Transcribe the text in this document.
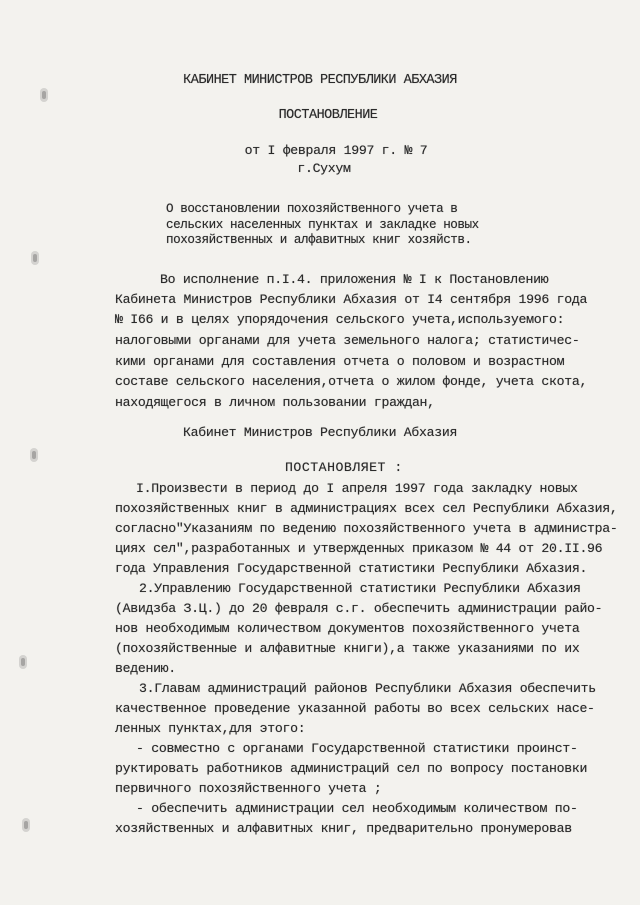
КАБИНЕТ МИНИСТРОВ РЕСПУБЛИКИ АБХАЗИЯ
ПОСТАНОВЛЕНИЕ
от I февраля 1997 г. № 7
г.Сухум
О восстановлении похозяйственного учета в
сельских населенных пунктах и закладке новых
похозяйственных и алфавитных книг хозяйств.
Во исполнение п.I.4. приложения № I к Постановлению
Кабинета Министров Республики Абхазия от I4 сентября 1996 года
№ I66 и в целях упорядочения сельского учета,используемого:
налоговыми органами для учета земельного налога; статистичес-
кими органами для составления отчета о половом и возрастном
составе сельского населения,отчета о жилом фонде, учета скота,
находящегося в личном пользовании граждан,
Кабинет Министров Республики Абхазия
ПОСТАНОВЛЯЕТ :
I.Произвести в период до I апреля 1997 года закладку новых
похозяйственных книг в администрациях всех сел Республики Абхазия,
согласно"Указаниям по ведению похозяйственного учета в администра-
циях сел",разработанных и утвержденных приказом № 44 от 20.II.96
года Управления Государственной статистики Республики Абхазия.
2.Управлению Государственной статистики Республики Абхазия
(Авидзба З.Ц.) до 20 февраля с.г. обеспечить администрации райо-
нов необходимым количеством документов похозяйственного учета
(похозяйственные и алфавитные книги),а также указаниями по их
ведению.
3.Главам администраций районов Республики Абхазия обеспечить
качественное проведение указанной работы во всех сельских насе-
ленных пунктах,для этого:
- совместно с органами Государственной статистики проинст-
руктировать работников администраций сел по вопросу постановки
первичного похозяйственного учета ;
- обеспечить администрации сел необходимым количеством по-
хозяйственных и алфавитных книг, предварительно пронумеровав
